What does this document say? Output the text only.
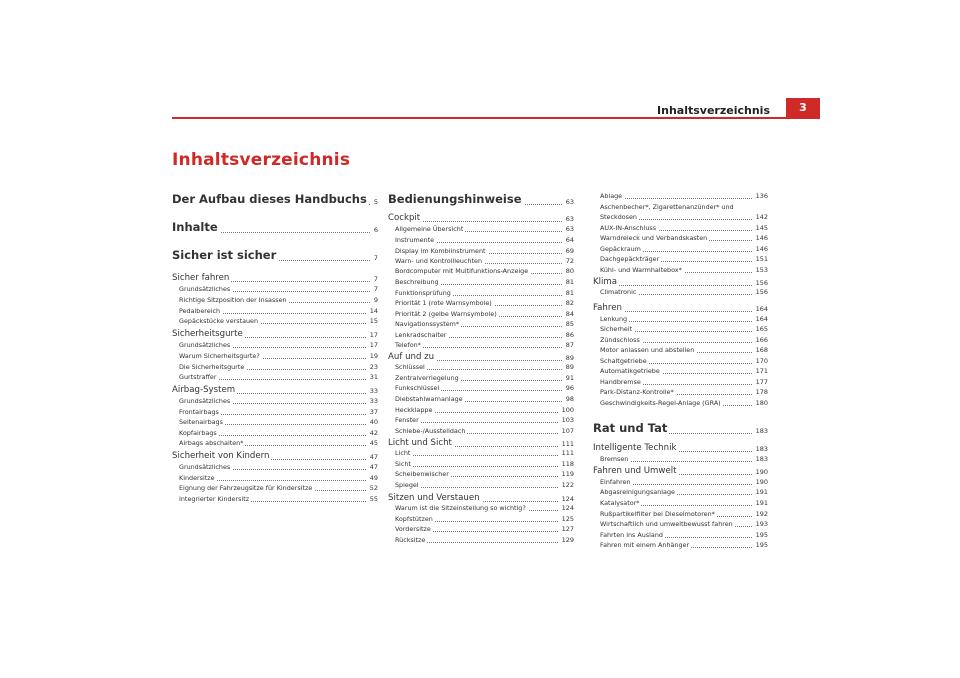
Inhaltsverzeichnis	3
Inhaltsverzeichnis
Der Aufbau dieses Handbuchs	5
Inhalte	6
Sicher ist sicher	7
Sicher fahren	7
Grundsätzliches	7
Richtige Sitzposition der Insassen	9
Pedalbereich	14
Gepäckstücke verstauen	15
Sicherheitsgurte	17
Grundsätzliches	17
Warum Sicherheitsgurte?	19
Die Sicherheitsgurte	23
Gurtstraffer	31
Airbag-System	33
Grundsätzliches	33
Frontairbags	37
Seitenairbags	40
Kopfairbags	42
Airbags abschalten*	45
Sicherheit von Kindern	47
Grundsätzliches	47
Kindersitze	49
Eignung der Fahrzeugsitze für Kindersitze	52
Integrierter Kindersitz	55
Bedienungshinweise	63
Cockpit	63
Allgemeine Übersicht	63
Instrumente	64
Display im Kombiinstrument	69
Warn- und Kontrollleuchten	72
Bordcomputer mit Multifunktions-Anzeige	80
Beschreibung	81
Funktionsprüfung	81
Priorität 1 (rote Warnsymbole)	82
Priorität 2 (gelbe Warnsymbole)	84
Navigationssystem*	85
Lenkradschalter	86
Telefon*	87
Auf und zu	89
Schlüssel	89
Zentralverriegelung	91
Funkschlüssel	96
Diebstahlwarnanlage	98
Heckklappe	100
Fenster	103
Schiebe-/Ausstelldach	107
Licht und Sicht	111
Licht	111
Sicht	118
Scheibenwischer	119
Spiegel	122
Sitzen und Verstauen	124
Warum ist die Sitzeinstellung so wichtig?	124
Kopfstützen	125
Vordersitze	127
Rücksitze	129
Ablage	136
Aschenbecher*, Zigarettenanzünder* und
Steckdosen	142
AUX-IN-Anschluss	145
Warndreieck und Verbandskasten	146
Gepäckraum	146
Dachgepäckträger	151
Kühl- und Warmhaltebox*	153
Klima	156
Climatronic	156
Fahren	164
Lenkung	164
Sicherheit	165
Zündschloss	166
Motor anlassen und abstellen	168
Schaltgetriebe	170
Automatikgetriebe	171
Handbremse	177
Park-Distanz-Kontrolle*	178
Geschwindigkeits-Regel-Anlage (GRA)	180
Rat und Tat	183
Intelligente Technik	183
Bremsen	183
Fahren und Umwelt	190
Einfahren	190
Abgasreinigungsanlage	191
Katalysator*	191
Rußpartikelfilter bei Dieselmotoren*	192
Wirtschaftlich und umweltbewusst fahren	193
Fahrten ins Ausland	195
Fahren mit einem Anhänger	195
